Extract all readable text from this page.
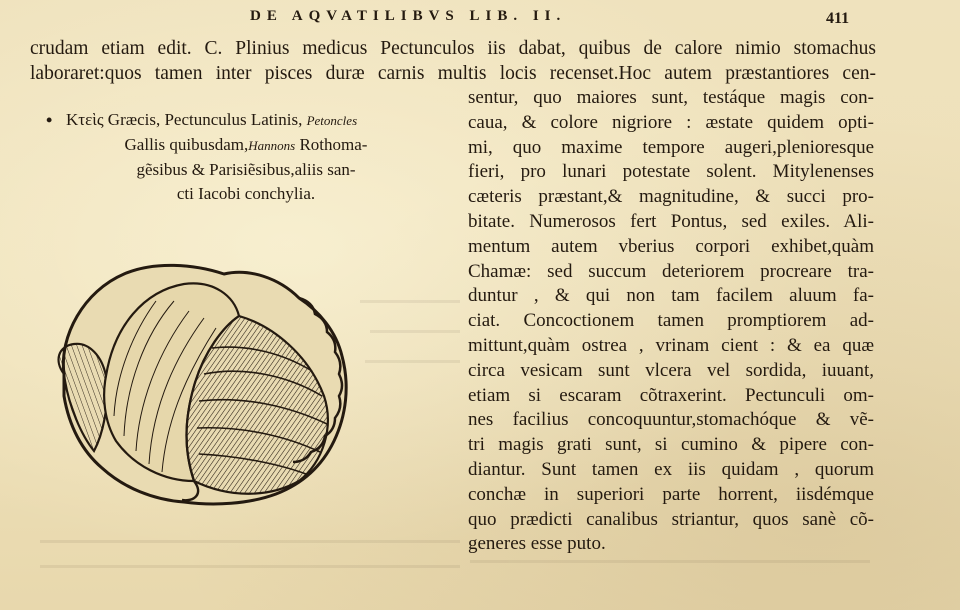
DE AQVATILIBVS LIB. II.	411
crudam etiam edit. C. Plinius medicus Pectunculos iis dabat, quibus de calore nimio stomachus
laboraret:quos tamen inter pisces duræ carnis multis locis recenset.Hoc autem præstantiores cen-
sentur, quo maiores sunt, testáque magis con-
caua, & colore nigriore : æstate quidem opti-
mi, quo maxime tempore augeri,plenioresque
fieri, pro lunari potestate solent. Mitylenenses
cæteris præstant,& magnitudine, & succi pro-
bitate. Numerosos fert Pontus, sed exiles. Ali-
mentum autem vberius corpori exhibet,quàm
Chamæ: sed succum deteriorem procreare tra-
duntur , & qui non tam facilem aluum fa-
ciat. Concoctionem tamen promptiorem ad-
mittunt,quàm ostrea , vrinam cient : & ea quæ
circa vesicam sunt vlcera vel sordida, iuuant,
etiam si escaram cõtraxerint. Pectunculi om-
nes facilius concoquuntur,stomachóque & vẽ-
tri magis grati sunt, si cumino & pipere con-
diantur. Sunt tamen ex iis quidam , quorum
conchæ in superiori parte horrent, iisdémque
quo prædicti canalibus striantur, quos sanè cõ-
generes esse puto.
• Κτεὶς Græcis, Pectunculus Latinis, Petoncles
Gallis quibusdam,Hannons Rothoma-
gẽsibus & Parisiẽsibus,aliis san-
cti Iacobi conchylia.
